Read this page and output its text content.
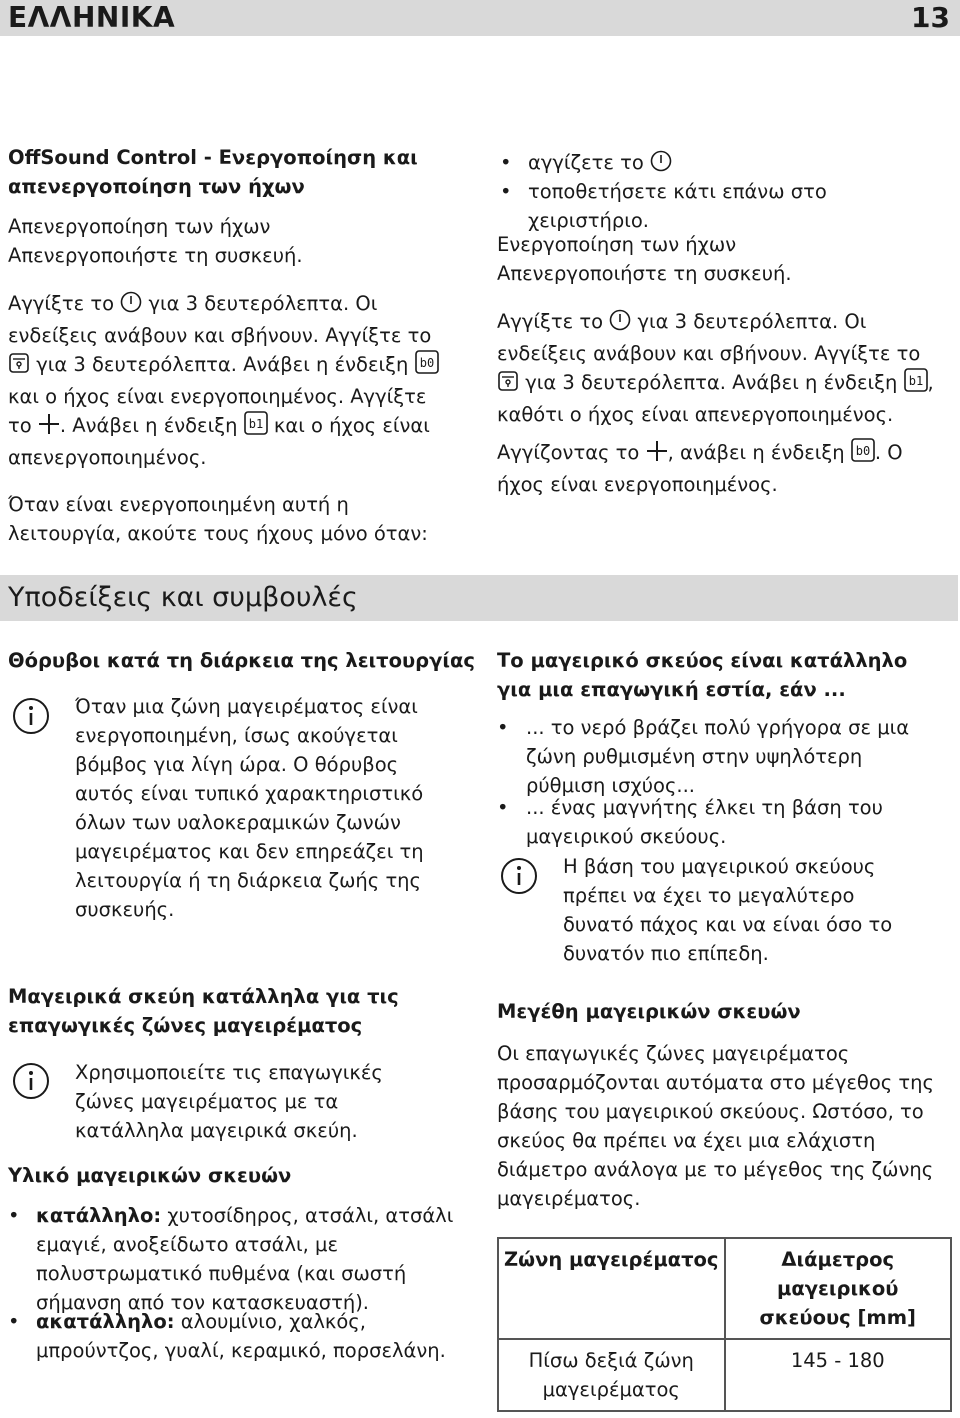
ΕΛΛΗΝΙΚΑ	13
OffSound Control - Ενεργοποίηση και απενεργοποίηση των ήχων
Απενεργοποίηση των ήχων
Απενεργοποιήστε τη συσκευή.
Αγγίξτε το για 3 δευτερόλεπτα. Οι
ενδείξεις ανάβουν και σβήνουν. Αγγίξτε το
για 3 δευτερόλεπτα. Ανάβει η ένδειξη b0

και ο ήχος είναι ενεργοποιημένος. Αγγίξτε
το . Ανάβει η ένδειξη b1 και ο ήχος είναι
απενεργοποιημένος.
Όταν είναι ενεργοποιημένη αυτή η λειτουργία, ακούτε τους ήχους μόνο όταν:
• αγγίζετε το
• τοποθετήσετε κάτι επάνω στο χειριστήριο.
Ενεργοποίηση των ήχων
Απενεργοποιήστε τη συσκευή.
Αγγίξτε το για 3 δευτερόλεπτα. Οι
ενδείξεις ανάβουν και σβήνουν. Αγγίξτε το
για 3 δευτερόλεπτα. Ανάβει η ένδειξη b1 ,
καθότι ο ήχος είναι απενεργοποιημένος.

Αγγίζοντας το , ανάβει η ένδειξη b0 . Ο
ήχος είναι ενεργοποιημένος.
Υποδείξεις και συμβουλές
Θόρυβοι κατά τη διάρκεια της λειτουργίας
Όταν μια ζώνη μαγειρέματος είναι ενεργοποιημένη, ίσως ακούγεται βόμβος για λίγη ώρα. Ο θόρυβος αυτός είναι τυπικό χαρακτηριστικό όλων των υαλοκεραμικών ζωνών μαγειρέματος και δεν επηρεάζει τη λειτουργία ή τη διάρκεια ζωής της συσκευής.
Μαγειρικά σκεύη κατάλληλα για τις επαγωγικές ζώνες μαγειρέματος
Χρησιμοποιείτε τις επαγωγικές ζώνες μαγειρέματος με τα κατάλληλα μαγειρικά σκεύη.
Υλικό μαγειρικών σκευών
• κατάλληλο: χυτοσίδηρος, ατσάλι, ατσάλι εμαγιέ, ανοξείδωτο ατσάλι, με πολυστρωματικό πυθμένα (και σωστή σήμανση από τον κατασκευαστή).
• ακατάλληλο: αλουμίνιο, χαλκός, μπρούντζος, γυαλί, κεραμικό, πορσελάνη.
Το μαγειρικό σκεύος είναι κατάλληλο για μια επαγωγική εστία, εάν ...
• ... το νερό βράζει πολύ γρήγορα σε μια ζώνη ρυθμισμένη στην υψηλότερη ρύθμιση ισχύος...
• ... ένας μαγνήτης έλκει τη βάση του μαγειρικού σκεύους.
Η βάση του μαγειρικού σκεύους πρέπει να έχει το μεγαλύτερο δυνατό πάχος και να είναι όσο το δυνατόν πιο επίπεδη.
Μεγέθη μαγειρικών σκευών
Οι επαγωγικές ζώνες μαγειρέματος προσαρμόζονται αυτόματα στο μέγεθος της βάσης του μαγειρικού σκεύους. Ωστόσο, το σκεύος θα πρέπει να έχει μια ελάχιστη διάμετρο ανάλογα με το μέγεθος της ζώνης μαγειρέματος.
Ζώνη μαγειρέματος	Διάμετρος μαγειρικού σκεύους [mm]
Πίσω δεξιά ζώνη μαγειρέματος	145 - 180
